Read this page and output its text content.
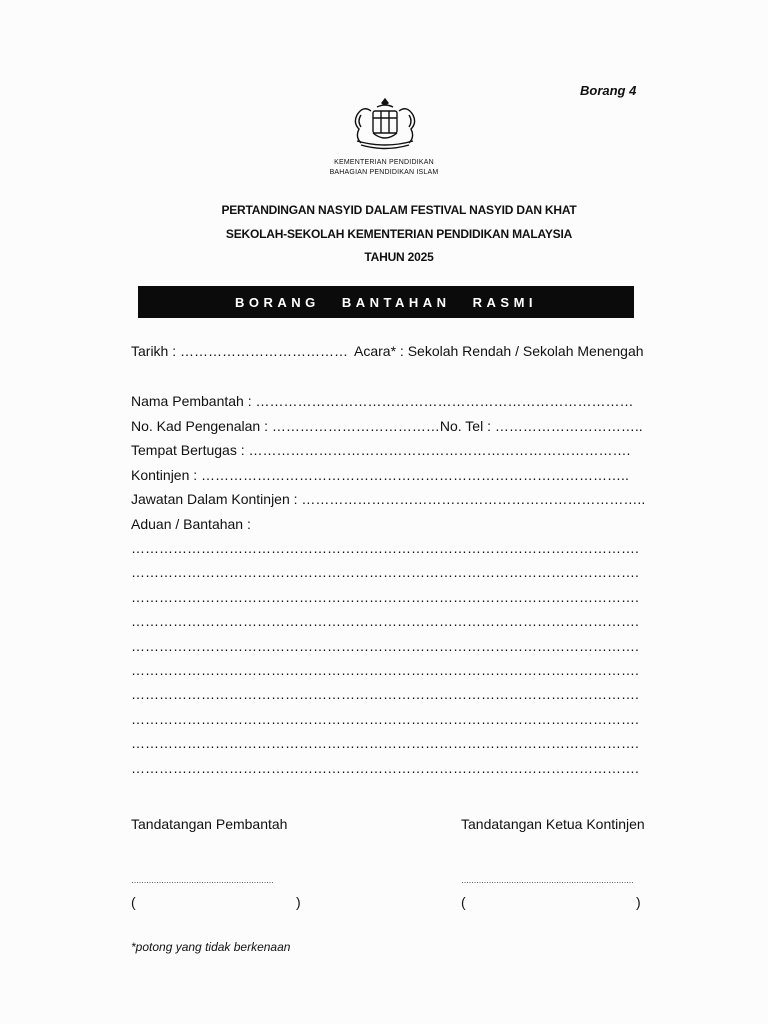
Borang 4
KEMENTERIAN PENDIDIKAN
BAHAGIAN PENDIDIKAN ISLAM
PERTANDINGAN NASYID DALAM FESTIVAL NASYID DAN KHAT
SEKOLAH-SEKOLAH KEMENTERIAN PENDIDIKAN MALAYSIA
TAHUN 2025
BORANG BANTAHAN RASMI
Tarikh : ……………………………… Acara* : Sekolah Rendah / Sekolah Menengah
Nama Pembantah : ………………………………………………………………………
No. Kad Pengenalan : ………………………………No. Tel : …………………………..
Tempat Bertugas : ……………………………………………………………………….
Kontinjen : ………………………………………………………………………………..
Jawatan Dalam Kontinjen : ………………………………………………………………..
Aduan / Bantahan :
……………………………………………………………………………………………….
……………………………………………………………………………………………….
……………………………………………………………………………………………….
……………………………………………………………………………………………….
……………………………………………………………………………………………….
……………………………………………………………………………………………….
……………………………………………………………………………………………….
……………………………………………………………………………………………….
……………………………………………………………………………………………….
……………………………………………………………………………………………….
Tandatangan Pembantah	Tandatangan Ketua Kontinjen
…………………………………………………	……………………………………………………………
(	)	(	)
*potong yang tidak berkenaan
